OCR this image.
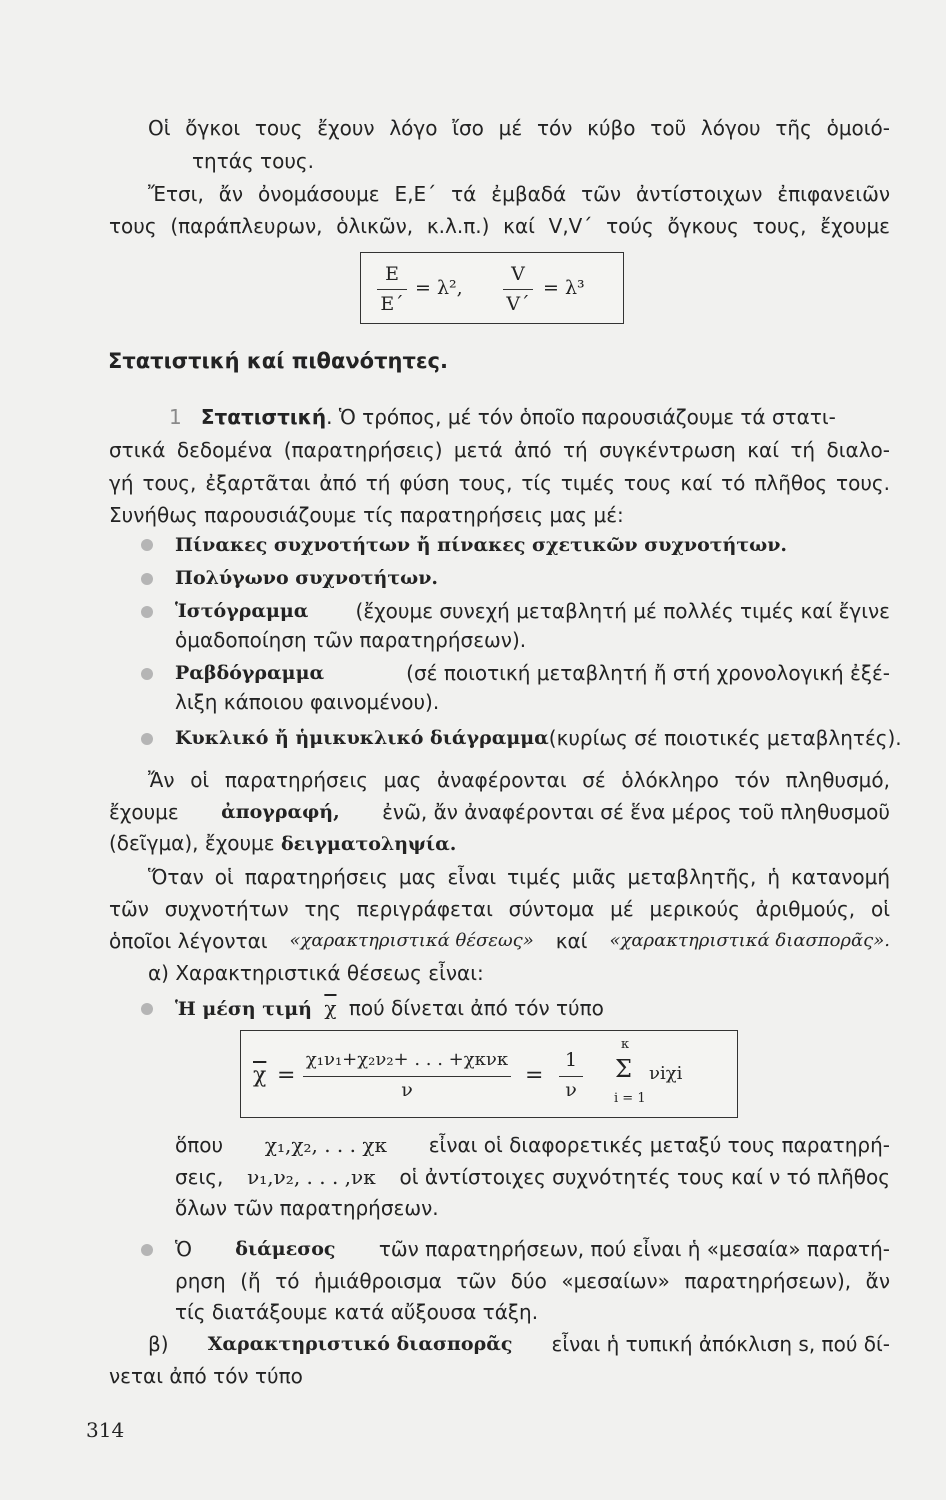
Οἱ ὄγκοι τους ἔχουν λόγο ἴσο μέ τόν κύβο τοῦ λόγου τῆς ὁμοιό-
τητάς τους.
Ἔτσι, ἄν ὀνομάσουμε Ε,Ε΄ τά ἐμβαδά τῶν ἀντίστοιχων ἐπιφανειῶν
τους (παράπλευρων, ὁλικῶν, κ.λ.π.) καί V,V΄ τούς ὄγκους τους, ἔχουμε
E
E΄
= λ²,
V
V΄
= λ³
Στατιστική καί πιθανότητες.
1 Στατιστική. Ὁ τρόπος, μέ τόν ὁποῖο παρουσιάζουμε τά στατι-
στικά δεδομένα (παρατηρήσεις) μετά ἀπό τή συγκέντρωση καί τή διαλο-
γή τους, ἐξαρτᾶται ἀπό τή φύση τους, τίς τιμές τους καί τό πλῆθος τους.
Συνήθως παρουσιάζουμε τίς παρατηρήσεις μας μέ:
Πίνακες συχνοτήτων ἤ πίνακες σχετικῶν συχνοτήτων.
Πολύγωνο συχνοτήτων.
Ἱστόγραμμα (ἔχουμε συνεχή μεταβλητή μέ πολλές τιμές καί ἔγινε
ὁμαδοποίηση τῶν παρατηρήσεων).
Ραβδόγραμμα	(σέ ποιοτική μεταβλητή ἤ στή χρονολογική ἐξέ-
λιξη κάποιου φαινομένου).
Κυκλικό ἤ ἡμικυκλικό διάγραμμα (κυρίως σέ ποιοτικές μεταβλητές).
Ἄν οἱ παρατηρήσεις μας ἀναφέρονται σέ ὁλόκληρο τόν πληθυσμό,
ἔχουμε ἀπογραφή, ἐνῶ, ἄν ἀναφέρονται σέ ἕνα μέρος τοῦ πληθυσμοῦ
(δεῖγμα), ἔχουμε δειγματοληψία.
Ὅταν οἱ παρατηρήσεις μας εἶναι τιμές μιᾶς μεταβλητῆς, ἡ κατανομή
τῶν συχνοτήτων της περιγράφεται σύντομα μέ μερικούς ἀριθμούς, οἱ
ὁποῖοι λέγονται «χαρακτηριστικά θέσεως» καί «χαρακτηριστικά διασπορᾶς».
α) Χαρακτηριστικά θέσεως εἶναι:
Ἡ μέση τιμή $\overline{\chi}$ πού δίνεται ἀπό τόν τύπο
$\overline{\chi}$ =
χ₁ν₁+χ₂ν₂+ . . . +χκνκ
ν
=
1
ν
κ
Σ
i = 1
νiχi
ὅπου χ₁,χ₂, . . . χκ εἶναι οἱ διαφορετικές μεταξύ τους παρατηρή-
σεις, ν₁,ν₂, . . . ,νκ οἱ ἀντίστοιχες συχνότητές τους καί ν τό πλῆθος
ὅλων τῶν παρατηρήσεων.
Ὁ διάμεσος τῶν παρατηρήσεων, πού εἶναι ἡ «μεσαία» παρατή-
ρηση (ἤ τό ἡμιάθροισμα τῶν δύο «μεσαίων» παρατηρήσεων), ἄν
τίς διατάξουμε κατά αὔξουσα τάξη.
β) Χαρακτηριστικό διασπορᾶς εἶναι ἡ τυπική ἀπόκλιση s, πού δί-
νεται ἀπό τόν τύπο
314
